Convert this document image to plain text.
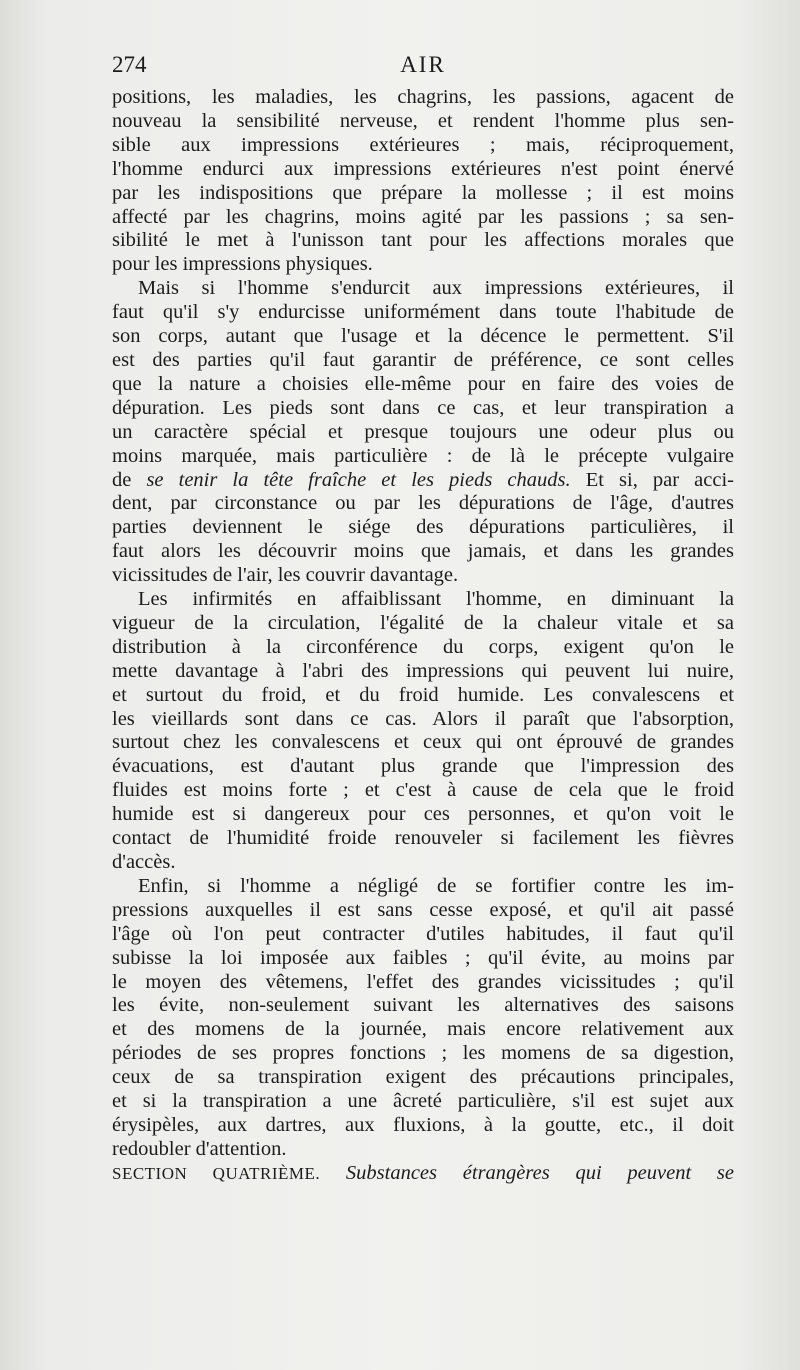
274	AIR
positions, les maladies, les chagrins, les passions, agacent de
nouveau la sensibilité nerveuse, et rendent l'homme plus sen-
sible aux impressions extérieures ; mais, réciproquement,
l'homme endurci aux impressions extérieures n'est point énervé
par les indispositions que prépare la mollesse ; il est moins
affecté par les chagrins, moins agité par les passions ; sa sen-
sibilité le met à l'unisson tant pour les affections morales que
pour les impressions physiques.
Mais si l'homme s'endurcit aux impressions extérieures, il
faut qu'il s'y endurcisse uniformément dans toute l'habitude de
son corps, autant que l'usage et la décence le permettent. S'il
est des parties qu'il faut garantir de préférence, ce sont celles
que la nature a choisies elle-même pour en faire des voies de
dépuration. Les pieds sont dans ce cas, et leur transpiration a
un caractère spécial et presque toujours une odeur plus ou
moins marquée, mais particulière : de là le précepte vulgaire
de se tenir la tête fraîche et les pieds chauds. Et si, par acci-
dent, par circonstance ou par les dépurations de l'âge, d'autres
parties deviennent le siége des dépurations particulières, il
faut alors les découvrir moins que jamais, et dans les grandes
vicissitudes de l'air, les couvrir davantage.
Les infirmités en affaiblissant l'homme, en diminuant la
vigueur de la circulation, l'égalité de la chaleur vitale et sa
distribution à la circonférence du corps, exigent qu'on le
mette davantage à l'abri des impressions qui peuvent lui nuire,
et surtout du froid, et du froid humide. Les convalescens et
les vieillards sont dans ce cas. Alors il paraît que l'absorption,
surtout chez les convalescens et ceux qui ont éprouvé de grandes
évacuations, est d'autant plus grande que l'impression des
fluides est moins forte ; et c'est à cause de cela que le froid
humide est si dangereux pour ces personnes, et qu'on voit le
contact de l'humidité froide renouveler si facilement les fièvres
d'accès.
Enfin, si l'homme a négligé de se fortifier contre les im-
pressions auxquelles il est sans cesse exposé, et qu'il ait passé
l'âge où l'on peut contracter d'utiles habitudes, il faut qu'il
subisse la loi imposée aux faibles ; qu'il évite, au moins par
le moyen des vêtemens, l'effet des grandes vicissitudes ; qu'il
les évite, non-seulement suivant les alternatives des saisons
et des momens de la journée, mais encore relativement aux
périodes de ses propres fonctions ; les momens de sa digestion,
ceux de sa transpiration exigent des précautions principales,
et si la transpiration a une âcreté particulière, s'il est sujet aux
érysipèles, aux dartres, aux fluxions, à la goutte, etc., il doit
redoubler d'attention.
SECTION QUATRIÈME. Substances étrangères qui peuvent se
